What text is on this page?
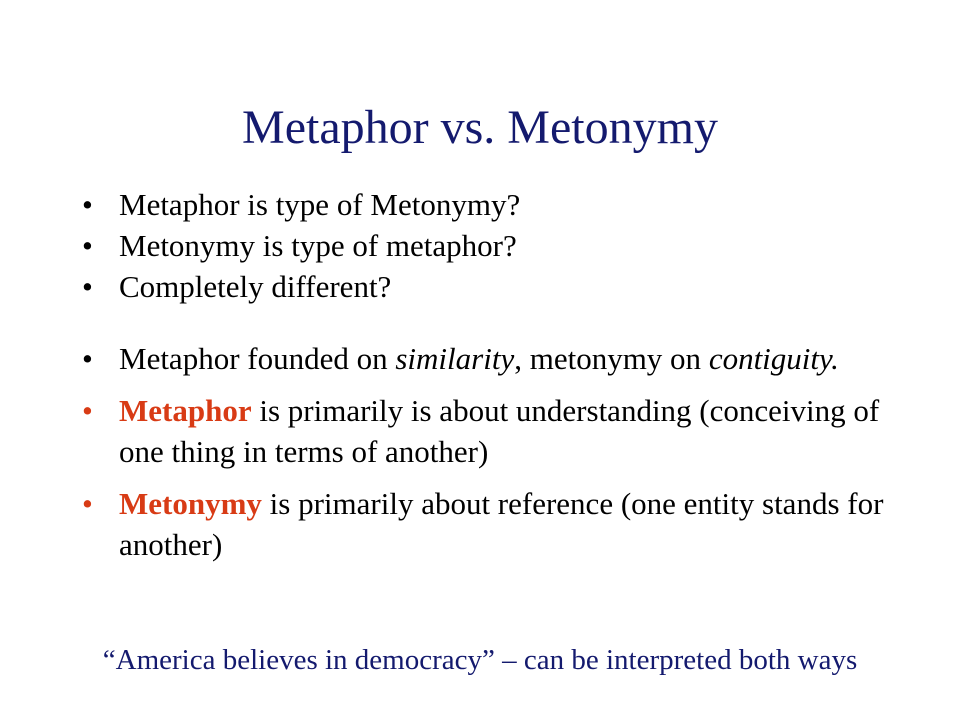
Metaphor vs. Metonymy
• Metaphor is type of Metonymy?
• Metonymy is type of metaphor?
• Completely different?
• Metaphor founded on similarity, metonymy on contiguity.
• Metaphor is primarily is about understanding (conceiving of one thing in terms of another)
• Metonymy is primarily about reference (one entity stands for another)
“America believes in democracy” – can be interpreted both ways
